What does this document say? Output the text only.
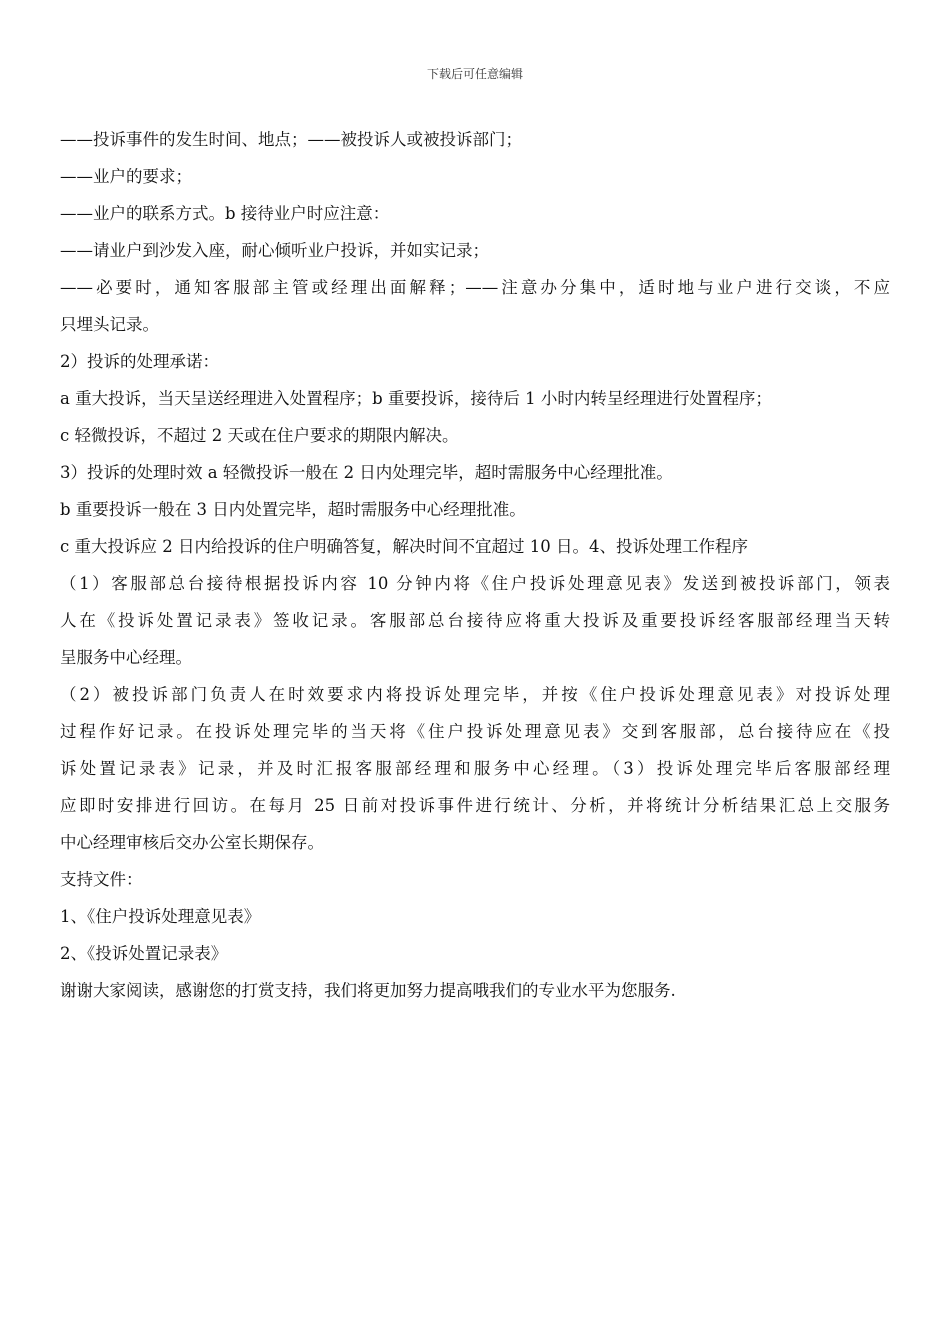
下载后可任意编辑
——投诉事件的发生时间、地点；——被投诉人或被投诉部门；
——业户的要求；
——业户的联系方式。b 接待业户时应注意：
——请业户到沙发入座，耐心倾听业户投诉，并如实记录；
——必要时，通知客服部主管或经理出面解释；——注意办分集中，适时地与业户进行交谈，不应
只埋头记录。
2）投诉的处理承诺：
a 重大投诉，当天呈送经理进入处置程序；b 重要投诉，接待后 1 小时内转呈经理进行处置程序；
c 轻微投诉，不超过 2 天或在住户要求的期限内解决。
3）投诉的处理时效 a 轻微投诉一般在 2 日内处理完毕，超时需服务中心经理批准。
b 重要投诉一般在 3 日内处置完毕，超时需服务中心经理批准。
c 重大投诉应 2 日内给投诉的住户明确答复，解决时间不宜超过 10 日。4、投诉处理工作程序
（1）客服部总台接待根据投诉内容 10 分钟内将《住户投诉处理意见表》发送到被投诉部门，领表
人在《投诉处置记录表》签收记录。客服部总台接待应将重大投诉及重要投诉经客服部经理当天转
呈服务中心经理。
（2）被投诉部门负责人在时效要求内将投诉处理完毕，并按《住户投诉处理意见表》对投诉处理
过程作好记录。在投诉处理完毕的当天将《住户投诉处理意见表》交到客服部，总台接待应在《投
诉处置记录表》记录，并及时汇报客服部经理和服务中心经理。（3）投诉处理完毕后客服部经理
应即时安排进行回访。在每月 25 日前对投诉事件进行统计、分析，并将统计分析结果汇总上交服务
中心经理审核后交办公室长期保存。
支持文件：
1、《住户投诉处理意见表》
2、《投诉处置记录表》
谢谢大家阅读，感谢您的打赏支持，我们将更加努力提高哦我们的专业水平为您服务.
